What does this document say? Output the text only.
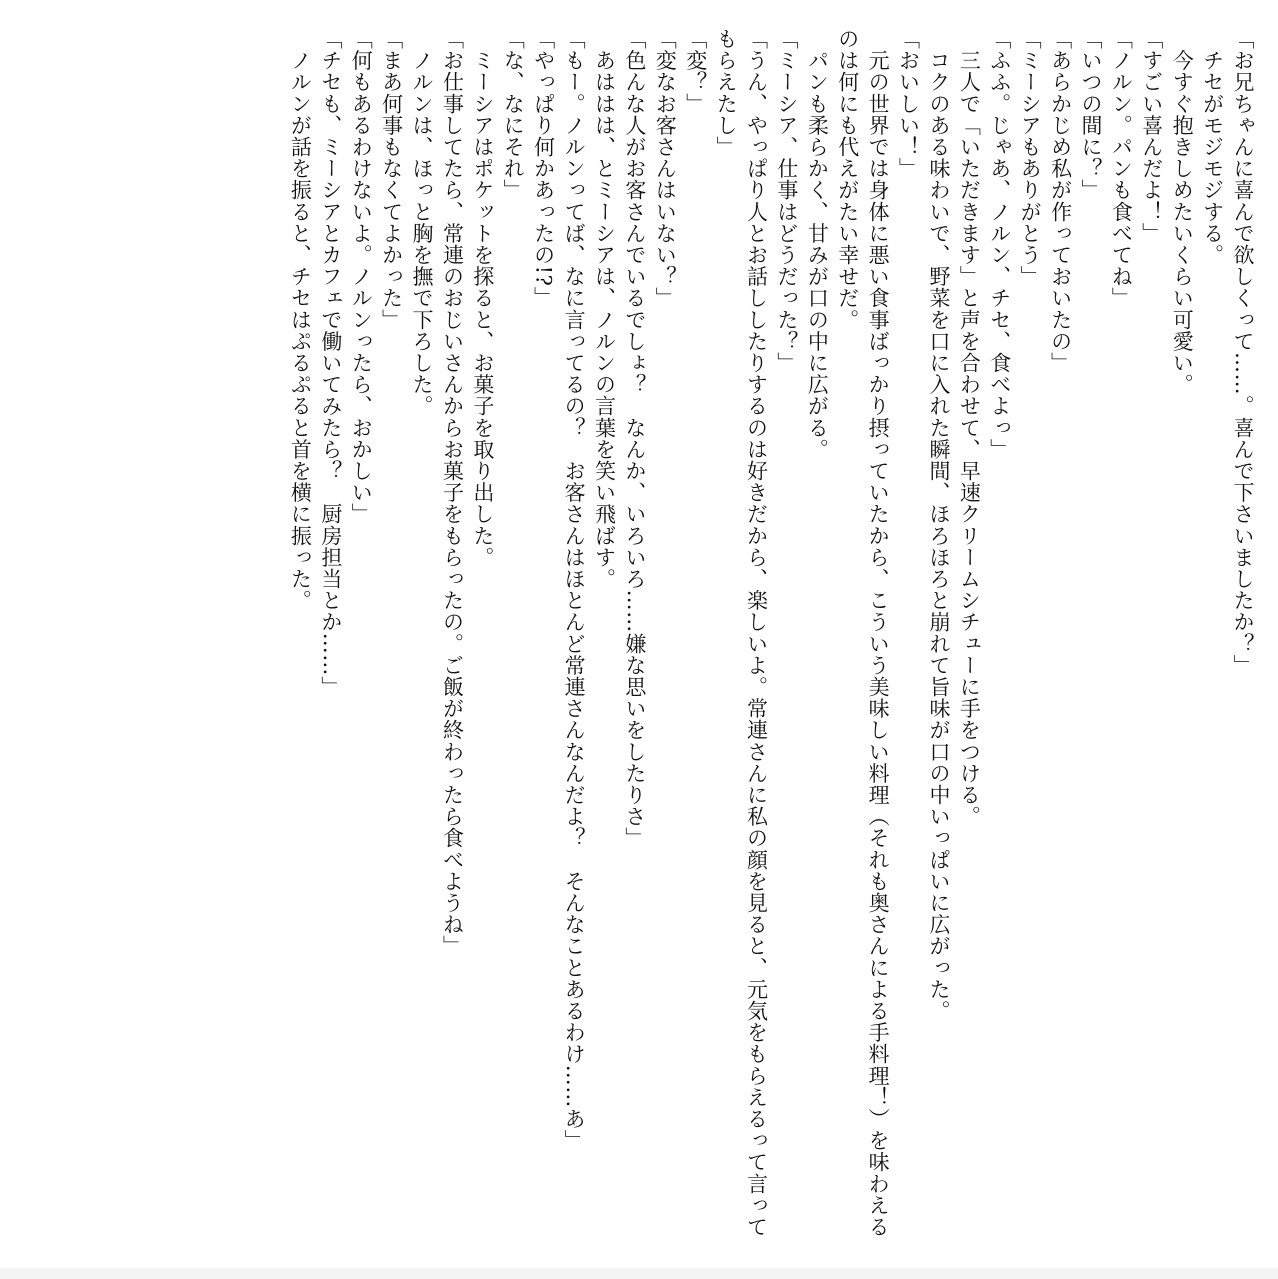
「お兄ちゃんに喜んで欲しくって……。喜んで下さいましたか？」

　チセがモジモジする。

　今すぐ抱きしめたいくらい可愛い。

「すごい喜んだよ！」

「ノルン。パンも食べてね」

「いつの間に？」

「あらかじめ私が作っておいたの」

「ミーシアもありがとう」

「ふふ。じゃあ、ノルン、チセ、食べよっ」

　三人で「いただきます」と声を合わせて、早速クリームシチューに手をつける。

　コクのある味わいで、野菜を口に入れた瞬間、ほろほろと崩れて旨味が口の中いっぱいに広がった。

「おいしい！」

　元の世界では身体に悪い食事ばっかり摂っていたから、こういう美味しい料理（それも奥さんによる手料理！）を味わえるのは何にも代えがたい幸せだ。

　パンも柔らかく、甘みが口の中に広がる。

「ミーシア、仕事はどうだった？」

「うん、やっぱり人とお話ししたりするのは好きだから、楽しいよ。常連さんに私の顔を見ると、元気をもらえるって言ってもらえたし」

「変？」

「変なお客さんはいない？」

「色んな人がお客さんでいるでしょ？　なんか、いろいろ……嫌な思いをしたりさ」

　あははは、とミーシアは、ノルンの言葉を笑い飛ばす。

「もー。ノルンってば、なに言ってるの？　お客さんはほとんど常連さんなんだよ？　そんなことあるわけ……あ」

「やっぱり何かあったの!?」

「な、なにそれ」

　ミーシアはポケットを探ると、お菓子を取り出した。

「お仕事してたら、常連のおじいさんからお菓子をもらったの。ご飯が終わったら食べようね」

　ノルンは、ほっと胸を撫で下ろした。

「まあ何事もなくてよかった」

「何もあるわけないよ。ノルンったら、おかしい」

「チセも、ミーシアとカフェで働いてみたら？　厨房担当とか……」

　ノルンが話を振ると、チセはぷるぷると首を横に振った。
